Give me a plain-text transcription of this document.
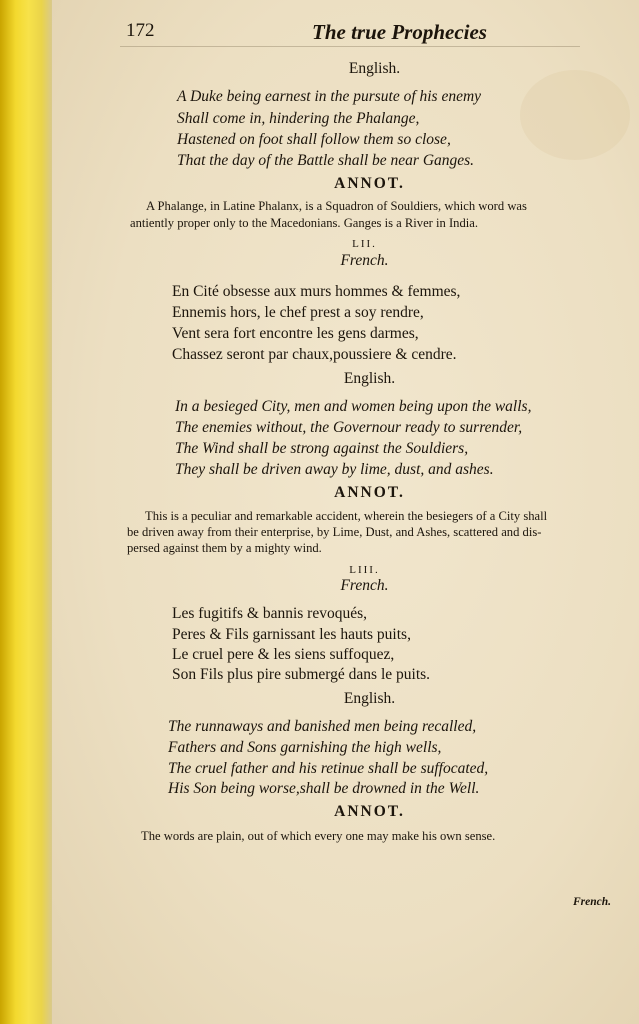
172	The true Prophecies
English.
A Duke being earnest in the pursute of his enemy
Shall come in, hindering the Phalange,
Hastened on foot shall follow them so close,
That the day of the Battle shall be near Ganges.
ANNOT.
A Phalange, in Latine Phalanx, is a Squadron of Souldiers, which word was
antiently proper only to the Macedonians. Ganges is a River in India.
LII.
French.
En Cité obsesse aux murs hommes & femmes,
Ennemis hors, le chef prest a soy rendre,
Vent sera fort encontre les gens darmes,
Chassez seront par chaux,poussiere & cendre.
English.
In a besieged City, men and women being upon the walls,
The enemies without, the Governour ready to surrender,
The Wind shall be strong against the Souldiers,
They shall be driven away by lime, dust, and ashes.
ANNOT.
This is a peculiar and remarkable accident, wherein the besiegers of a City shall
be driven away from their enterprise, by Lime, Dust, and Ashes, scattered and dis-
persed against them by a mighty wind.
LIII.
French.
Les fugitifs & bannis revoqués,
Peres & Fils garnissant les hauts puits,
Le cruel pere & les siens suffoquez,
Son Fils plus pire submergé dans le puits.
English.
The runnaways and banished men being recalled,
Fathers and Sons garnishing the high wells,
The cruel father and his retinue shall be suffocated,
His Son being worse,shall be drowned in the Well.
ANNOT.
The words are plain, out of which every one may make his own sense.
French.
